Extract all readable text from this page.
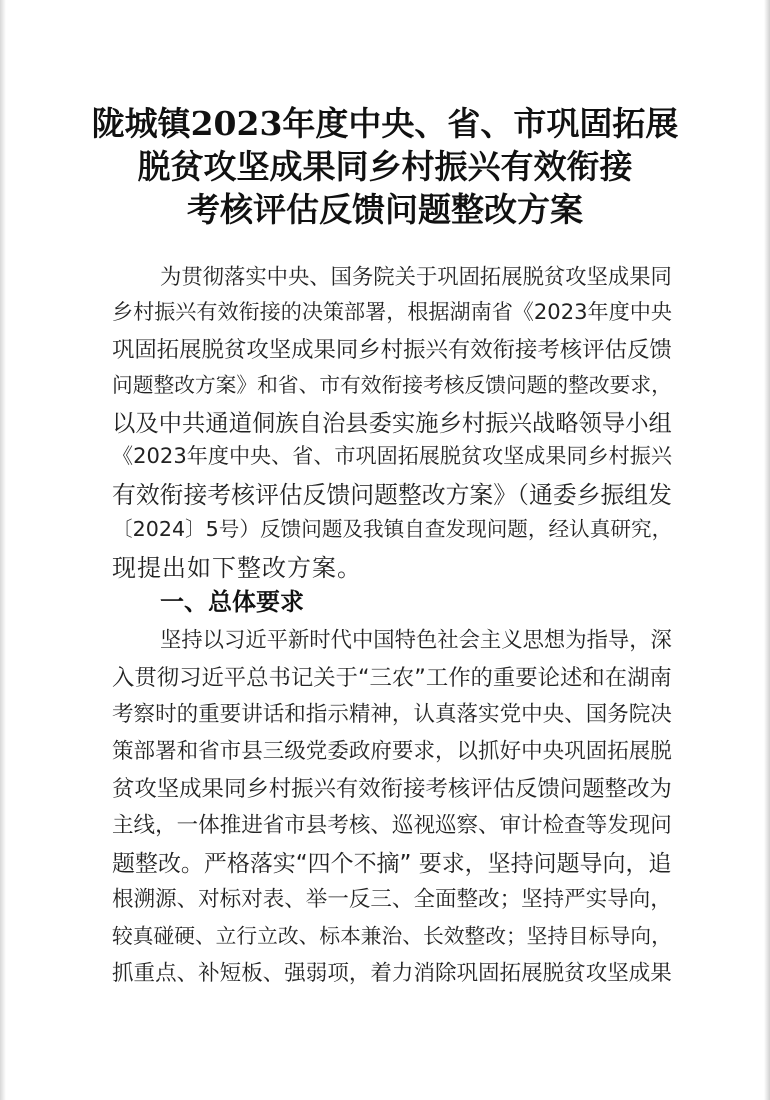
陇城镇2023年度中央、省、市巩固拓展
脱贫攻坚成果同乡村振兴有效衔接
考核评估反馈问题整改方案
为贯彻落实中央、国务院关于巩固拓展脱贫攻坚成果同
乡村振兴有效衔接的决策部署，根据湖南省《2023年度中央
巩固拓展脱贫攻坚成果同乡村振兴有效衔接考核评估反馈
问题整改方案》和省、市有效衔接考核反馈问题的整改要求，
以及中共通道侗族自治县委实施乡村振兴战略领导小组
《2023年度中央、省、市巩固拓展脱贫攻坚成果同乡村振兴
有效衔接考核评估反馈问题整改方案》（通委乡振组发
〔2024〕5号）反馈问题及我镇自查发现问题，经认真研究，
现提出如下整改方案。
一、总体要求
坚持以习近平新时代中国特色社会主义思想为指导，深
入贯彻习近平总书记关于“三农”工作的重要论述和在湖南
考察时的重要讲话和指示精神，认真落实党中央、国务院决
策部署和省市县三级党委政府要求，以抓好中央巩固拓展脱
贫攻坚成果同乡村振兴有效衔接考核评估反馈问题整改为
主线，一体推进省市县考核、巡视巡察、审计检查等发现问
题整改。严格落实“四个不摘” 要求，坚持问题导向，追
根溯源、对标对表、举一反三、全面整改；坚持严实导向，
较真碰硬、立行立改、标本兼治、长效整改；坚持目标导向，
抓重点、补短板、强弱项，着力消除巩固拓展脱贫攻坚成果
